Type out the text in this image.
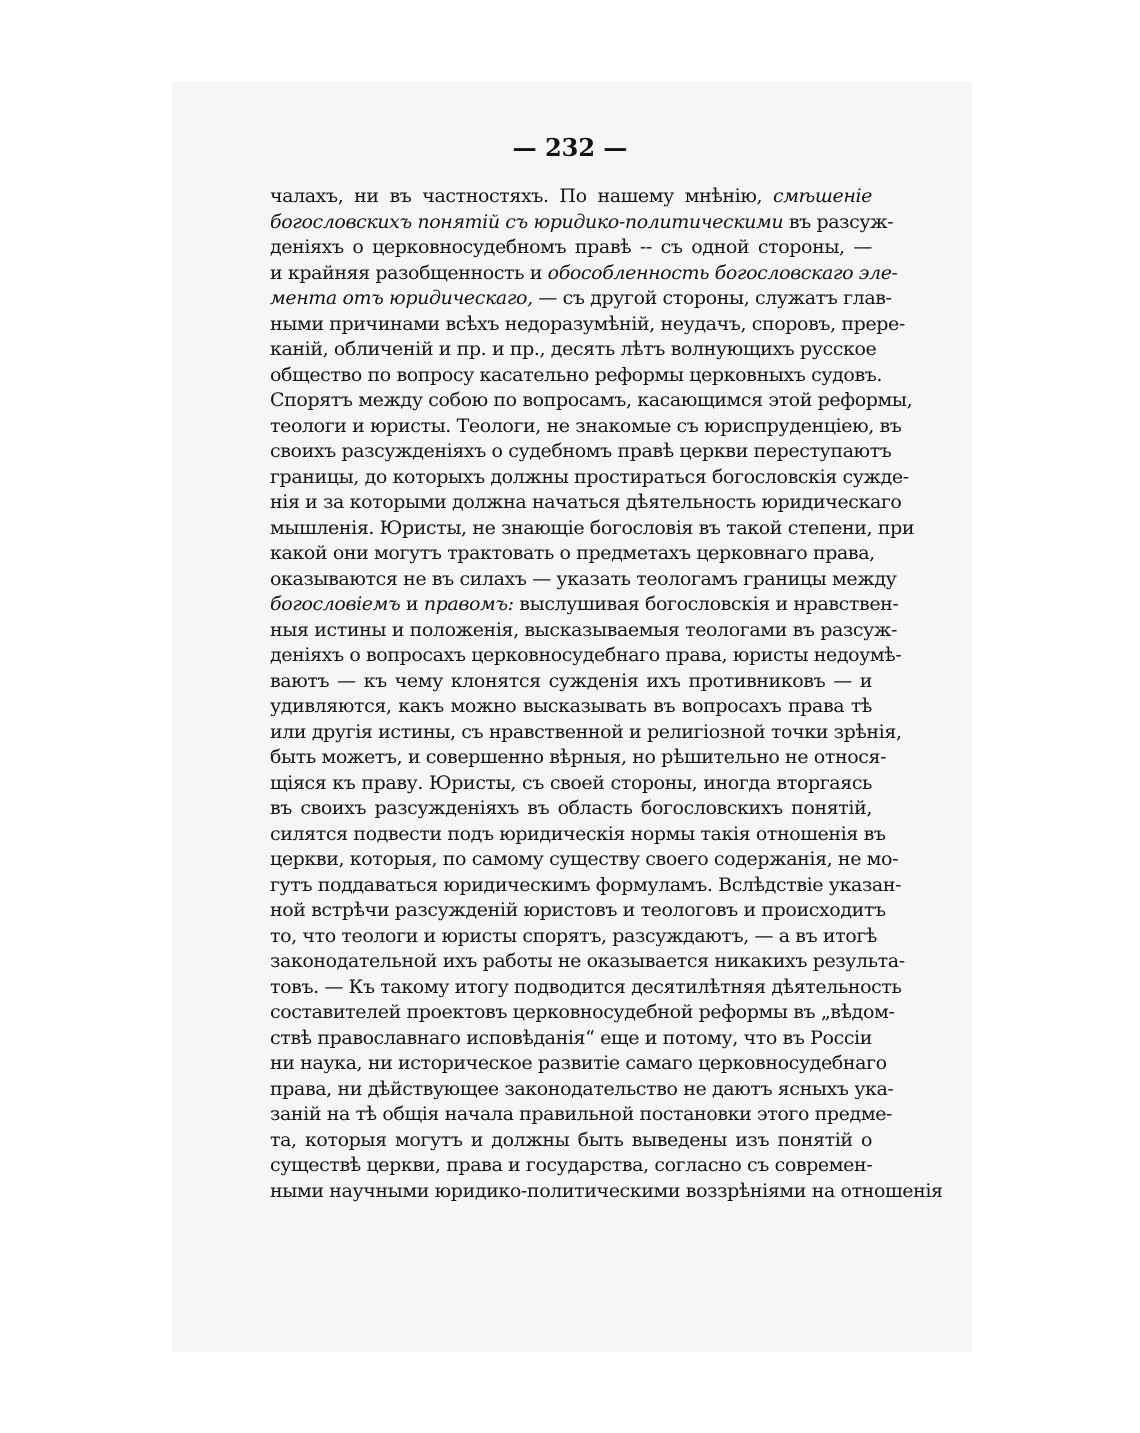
— 232 —
чалахъ, ни въ частностяхъ. По нашему мнѣнію, смѣшеніе
богословскихъ понятій съ юридико-политическими въ разсуж-
деніяхъ о церковносудебномъ правѣ -- съ одной стороны, —
и крайняя разобщенность и обособленность богословскаго эле-
мента отъ юридическаго, — съ другой стороны, служатъ глав-
ными причинами всѣхъ недоразумѣній, неудачъ, споровъ, прере-
каній, обличеній и пр. и пр., десять лѣтъ волнующихъ русское
общество по вопросу касательно реформы церковныхъ судовъ.
Спорятъ между собою по вопросамъ, касающимся этой реформы,
теологи и юристы. Теологи, не знакомые съ юриспруденціею, въ
своихъ разсужденіяхъ о судебномъ правѣ церкви переступаютъ
границы, до которыхъ должны простираться богословскія сужде-
нія и за которыми должна начаться дѣятельность юридическаго
мышленія. Юристы, не знающіе богословія въ такой степени, при
какой они могутъ трактовать о предметахъ церковнаго права,
оказываются не въ силахъ — указать теологамъ границы между
богословіемъ и правомъ: выслушивая богословскія и нравствен-
ныя истины и положенія, высказываемыя теологами въ разсуж-
деніяхъ о вопросахъ церковносудебнаго права, юристы недоумѣ-
ваютъ — къ чему клонятся сужденія ихъ противниковъ — и
удивляются, какъ можно высказывать въ вопросахъ права тѣ
или другія истины, съ нравственной и религіозной точки зрѣнія,
быть можетъ, и совершенно вѣрныя, но рѣшительно не относя-
щіяся къ праву. Юристы, съ своей стороны, иногда вторгаясь
въ своихъ разсужденіяхъ въ область богословскихъ понятій,
силятся подвести подъ юридическія нормы такія отношенія въ
церкви, которыя, по самому существу своего содержанія, не мо-
гутъ поддаваться юридическимъ формуламъ. Вслѣдствіе указан-
ной встрѣчи разсужденій юристовъ и теологовъ и происходитъ
то, что теологи и юристы спорятъ, разсуждаютъ, — а въ итогѣ
законодательной ихъ работы не оказывается никакихъ результа-
товъ. — Къ такому итогу подводится десятилѣтняя дѣятельность
составителей проектовъ церковносудебной реформы въ „вѣдом-
ствѣ православнаго исповѣданія“ еще и потому, что въ Россіи
ни наука, ни историческое развитіе самаго церковносудебнаго
права, ни дѣйствующее законодательство не даютъ ясныхъ ука-
заній на тѣ общія начала правильной постановки этого предме-
та, которыя могутъ и должны быть выведены изъ понятій о
существѣ церкви, права и государства, согласно съ современ-
ными научными юридико-политическими воззрѣніями на отношенія
